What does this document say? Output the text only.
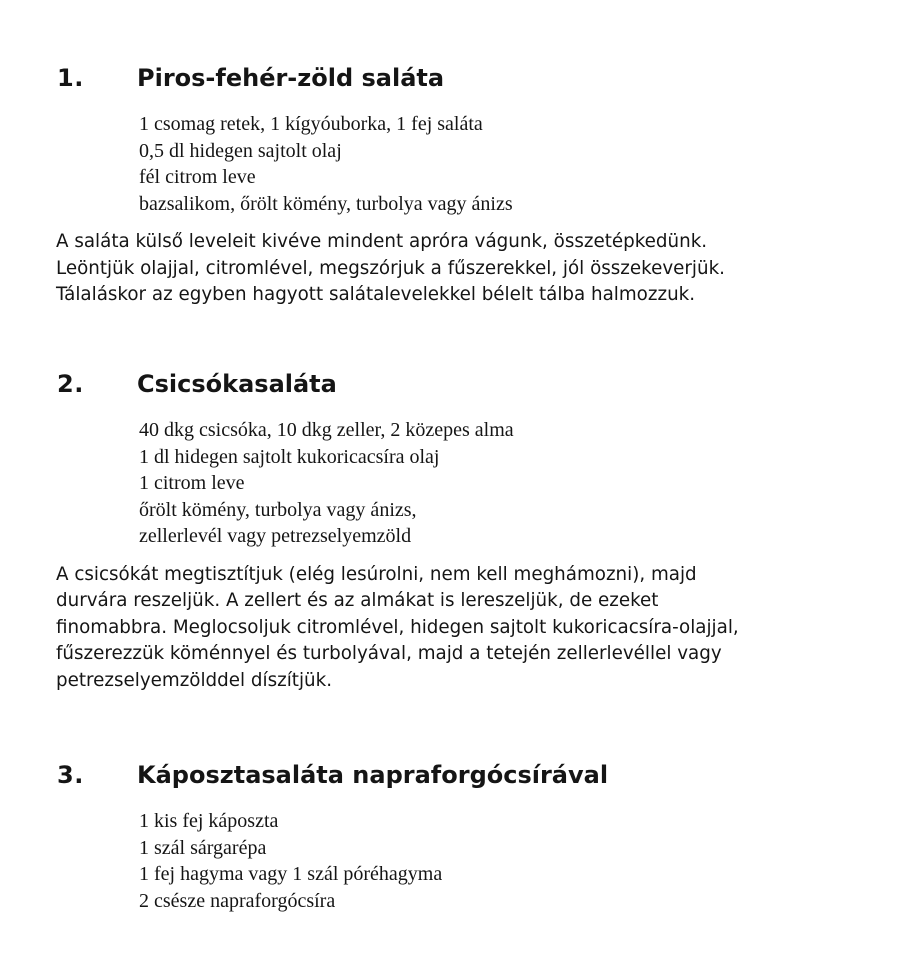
1. Piros-fehér-zöld saláta
1 csomag retek, 1 kígyóuborka, 1 fej saláta
0,5 dl hidegen sajtolt olaj
fél citrom leve
bazsalikom, őrölt kömény, turbolya vagy ánizs
A saláta külső leveleit kivéve mindent apróra vágunk, összetépkedünk.
Leöntjük olajjal, citromlével, megszórjuk a fűszerekkel, jól összekeverjük.
Tálaláskor az egyben hagyott salátalevelekkel bélelt tálba halmozzuk.
2. Csicsókasaláta
40 dkg csicsóka, 10 dkg zeller, 2 közepes alma
1 dl hidegen sajtolt kukoricacsíra olaj
1 citrom leve
őrölt kömény, turbolya vagy ánizs,
zellerlevél vagy petrezselyemzöld
A csicsókát megtisztítjuk (elég lesúrolni, nem kell meghámozni), majd
durvára reszeljük. A zellert és az almákat is lereszeljük, de ezeket
finomabbra. Meglocsoljuk citromlével, hidegen sajtolt kukoricacsíra-olajjal,
fűszerezzük köménnyel és turbolyával, majd a tetején zellerlevéllel vagy
petrezselyemzölddel díszítjük.
3. Káposztasaláta napraforgócsírával
1 kis fej káposzta
1 szál sárgarépa
1 fej hagyma vagy 1 szál póréhagyma
2 csésze napraforgócsíra
